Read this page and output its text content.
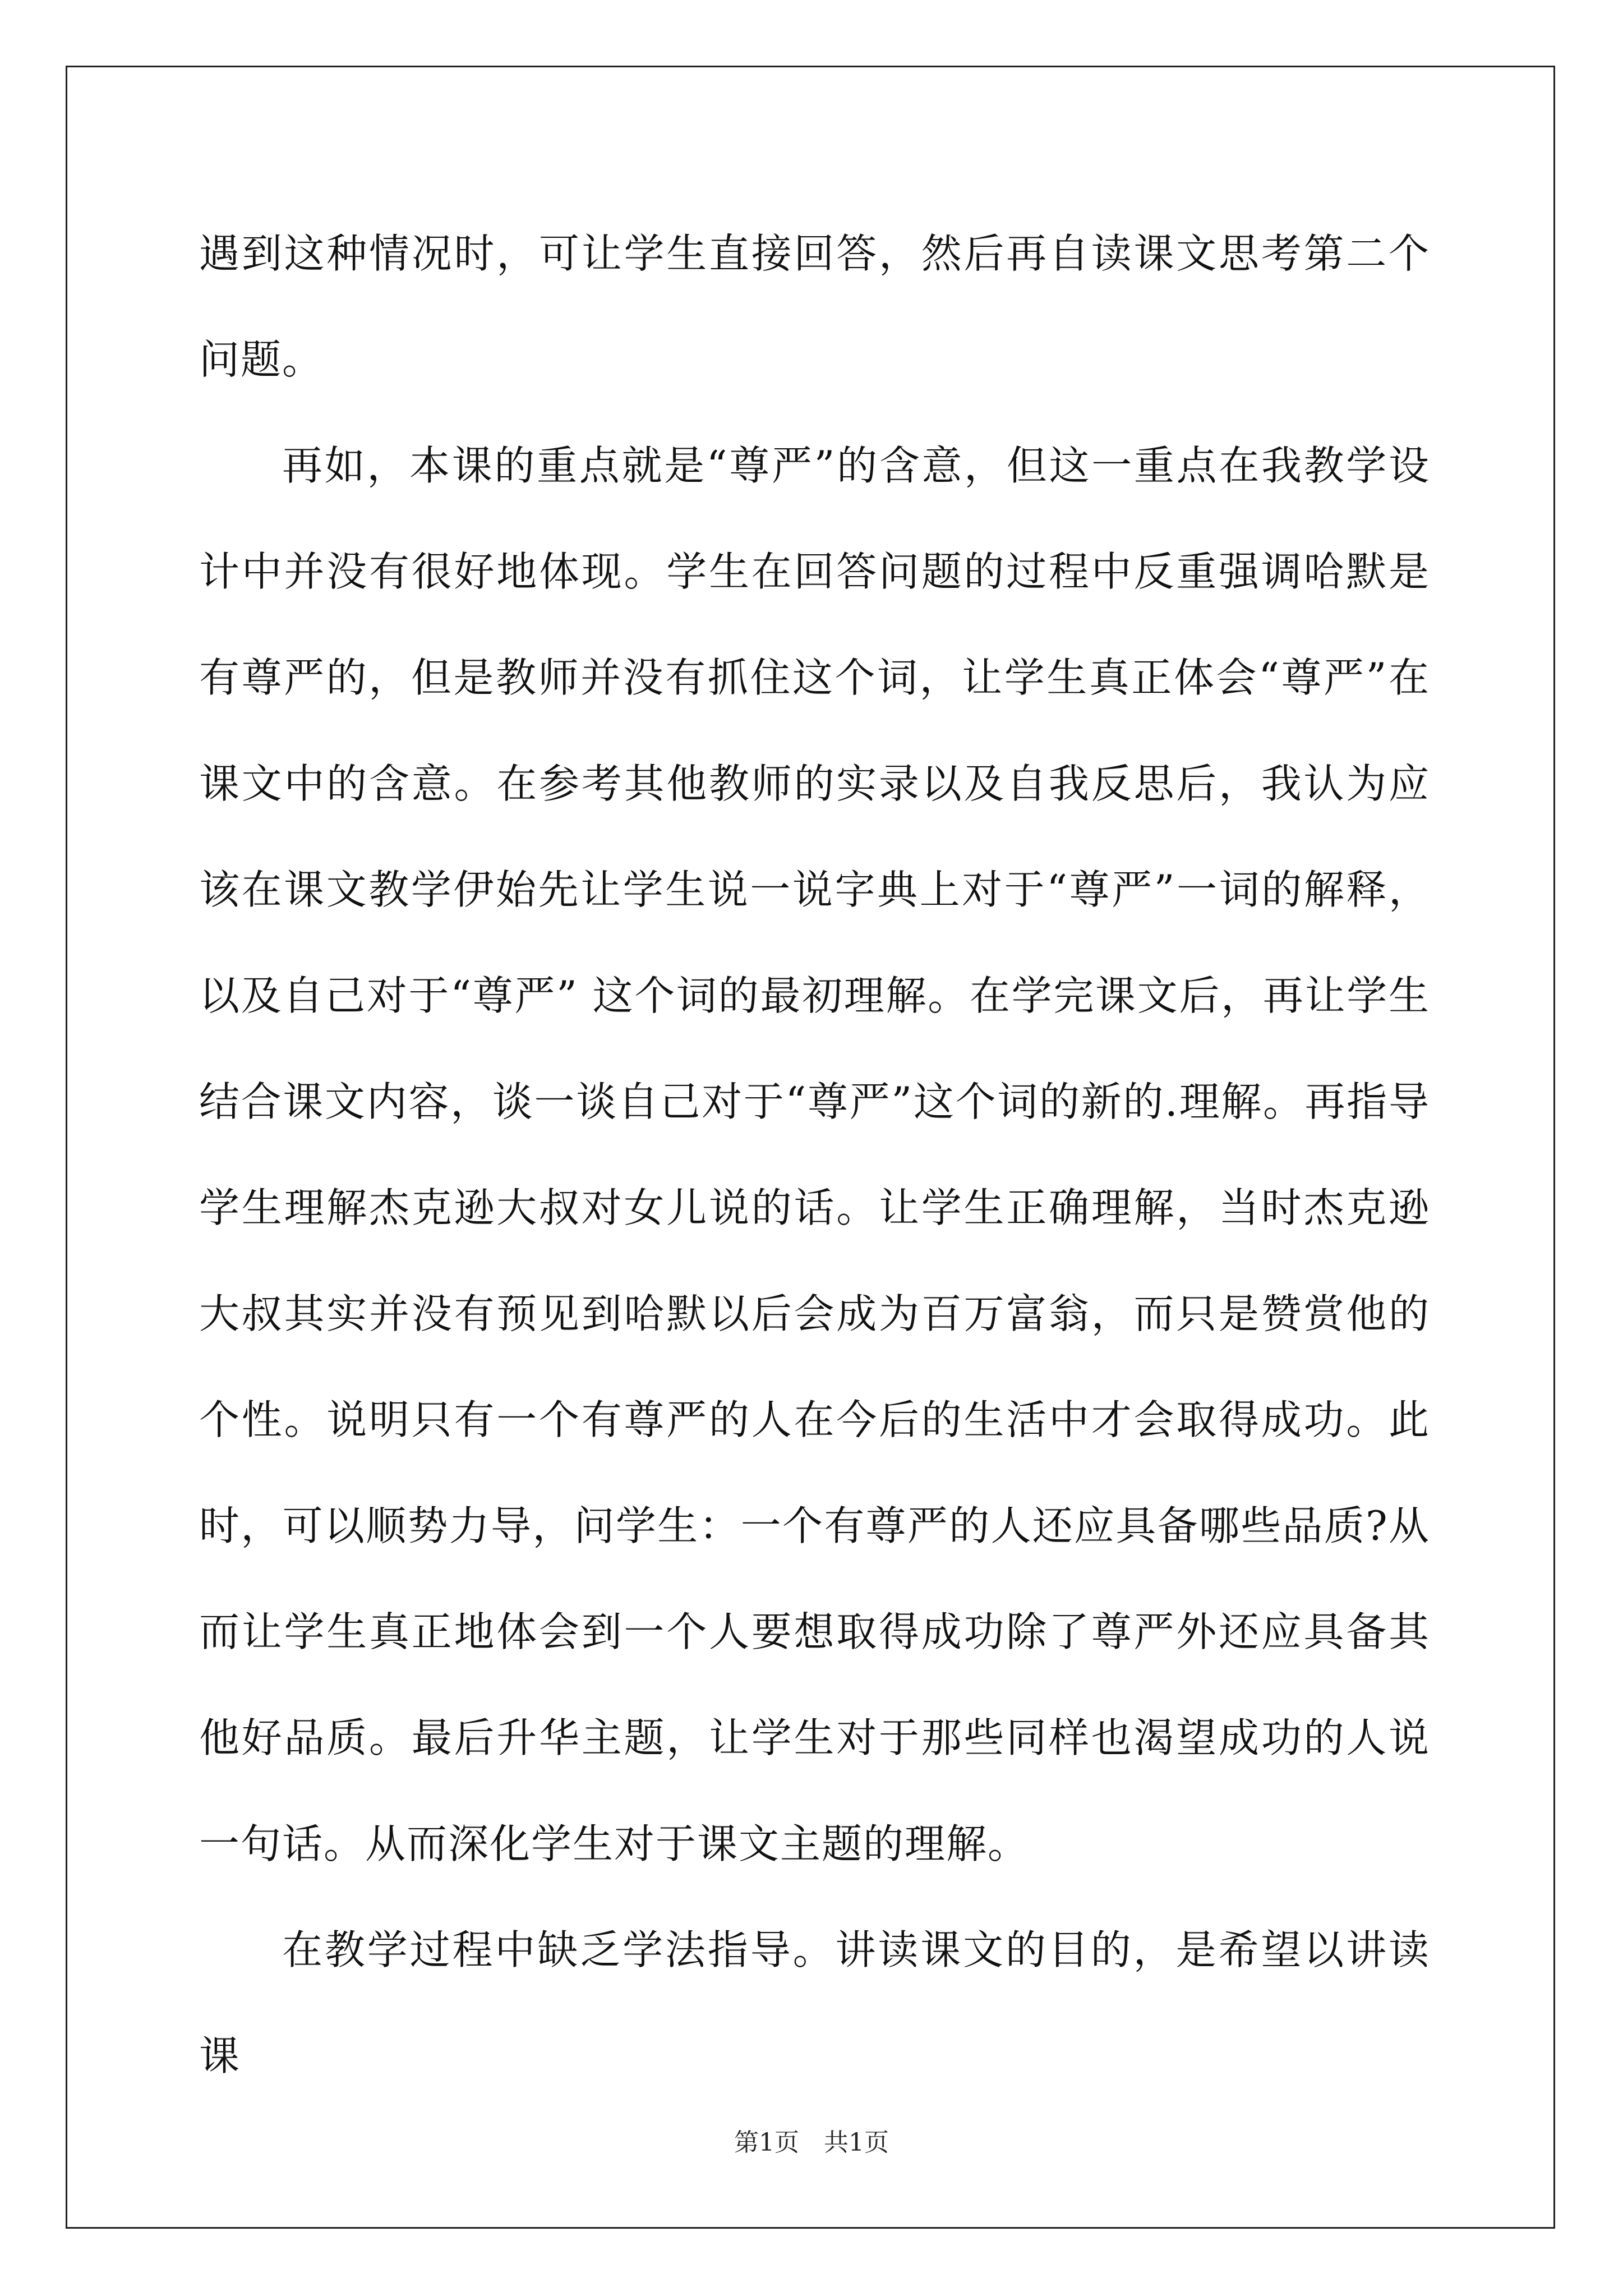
遇到这种情况时，可让学生直接回答，然后再自读课文思考第二个问题。

再如，本课的重点就是“尊严”的含意，但这一重点在我教学设计中并没有很好地体现。学生在回答问题的过程中反重强调哈默是有尊严的，但是教师并没有抓住这个词，让学生真正体会“尊严”在课文中的含意。在参考其他教师的实录以及自我反思后，我认为应该在课文教学伊始先让学生说一说字典上对于“尊严”一词的解释，以及自己对于“尊严” 这个词的最初理解。在学完课文后，再让学生结合课文内容，谈一谈自己对于“尊严”这个词的新的.理解。再指导学生理解杰克逊大叔对女儿说的话。让学生正确理解，当时杰克逊大叔其实并没有预见到哈默以后会成为百万富翁，而只是赞赏他的个性。说明只有一个有尊严的人在今后的生活中才会取得成功。此时，可以顺势力导，问学生：一个有尊严的人还应具备哪些品质?从而让学生真正地体会到一个人要想取得成功除了尊严外还应具备其他好品质。最后升华主题，让学生对于那些同样也渴望成功的人说一句话。从而深化学生对于课文主题的理解。

在教学过程中缺乏学法指导。讲读课文的目的，是希望以讲读课

第1页　共1页
